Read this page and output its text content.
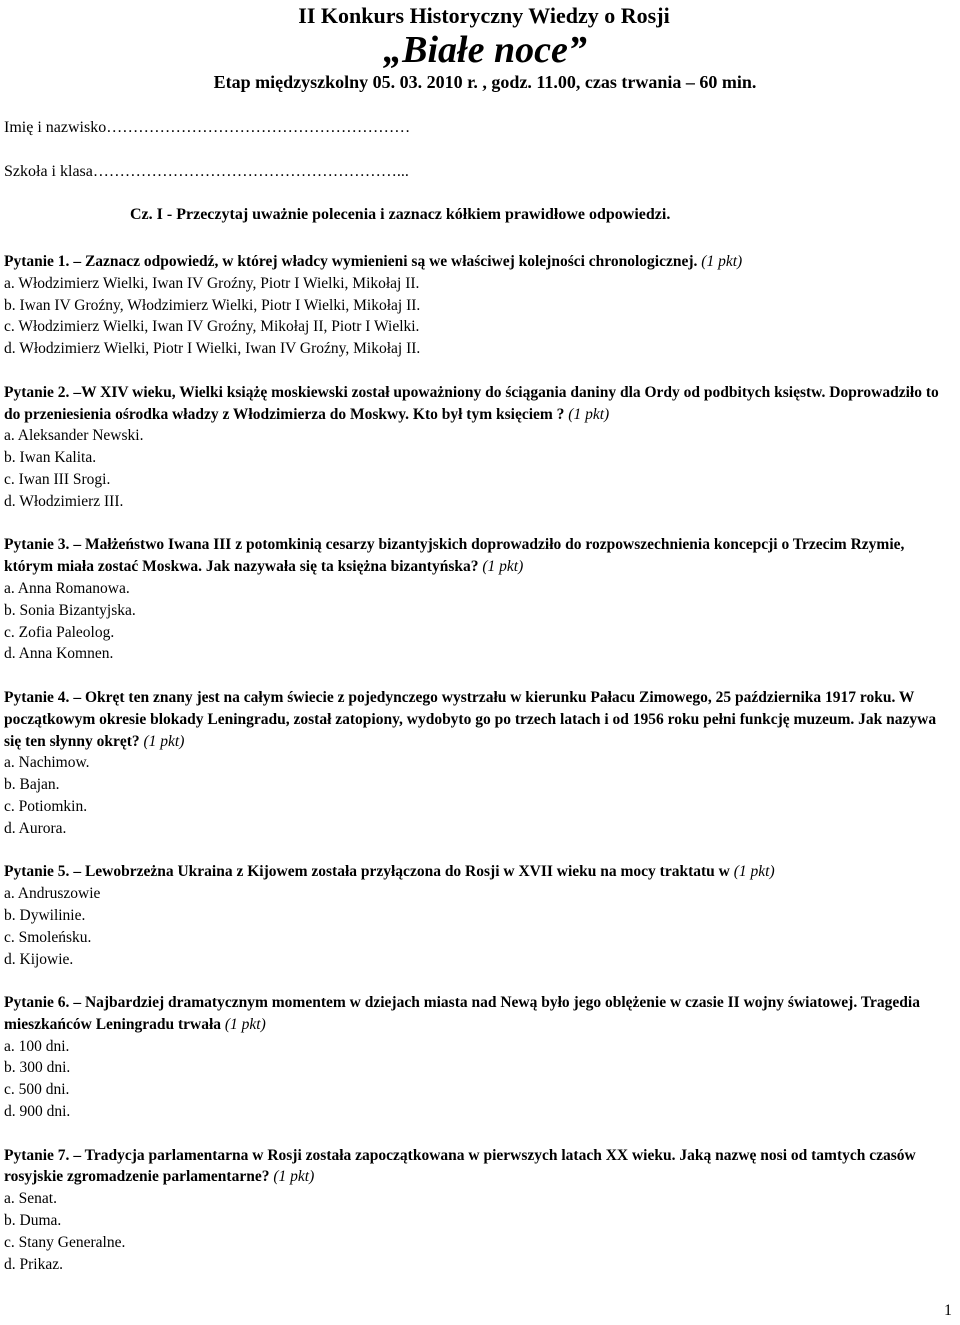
II Konkurs Historyczny Wiedzy o Rosji
„Białe noce”
Etap międzyszkolny 05. 03. 2010 r. , godz. 11.00, czas trwania – 60 min.
Imię i nazwisko…………………………………………………
Szkoła i klasa…………………………………………………...
Cz. I - Przeczytaj uważnie polecenia i zaznacz kółkiem prawidłowe odpowiedzi.
Pytanie 1. – Zaznacz odpowiedź, w której władcy wymienieni są we właściwej kolejności chronologicznej. (1 pkt)
a. Włodzimierz Wielki, Iwan IV Groźny, Piotr I Wielki, Mikołaj II.
b. Iwan IV Groźny, Włodzimierz Wielki, Piotr I Wielki, Mikołaj II.
c. Włodzimierz Wielki, Iwan IV Groźny, Mikołaj II, Piotr I Wielki.
d. Włodzimierz Wielki, Piotr I Wielki, Iwan IV Groźny, Mikołaj II.
Pytanie 2. –W XIV wieku, Wielki książę moskiewski został upoważniony do ściągania daniny dla Ordy od podbitych księstw. Doprowadziło to do przeniesienia ośrodka władzy z Włodzimierza do Moskwy. Kto był tym księciem ? (1 pkt)
a. Aleksander Newski.
b. Iwan Kalita.
c. Iwan III Srogi.
d. Włodzimierz III.
Pytanie 3. – Małżeństwo Iwana III z potomkinią cesarzy bizantyjskich doprowadziło do rozpowszechnienia koncepcji o Trzecim Rzymie, którym miała zostać Moskwa. Jak nazywała się ta księżna bizantyńska? (1 pkt)
a. Anna Romanowa.
b. Sonia Bizantyjska.
c. Zofia Paleolog.
d. Anna Komnen.
Pytanie 4. – Okręt ten znany jest na całym świecie z pojedynczego wystrzału w kierunku Pałacu Zimowego, 25 października 1917 roku. W początkowym okresie blokady Leningradu, został zatopiony, wydobyto go po trzech latach i od 1956 roku pełni funkcję muzeum. Jak nazywa się ten słynny okręt? (1 pkt)
a. Nachimow.
b. Bajan.
c. Potiomkin.
d. Aurora.
Pytanie 5. – Lewobrzeżna Ukraina z Kijowem została przyłączona do Rosji w XVII wieku na mocy traktatu w (1 pkt)
a. Andruszowie
b. Dywilinie.
c. Smoleńsku.
d. Kijowie.
Pytanie 6. – Najbardziej dramatycznym momentem w dziejach miasta nad Newą było jego oblężenie w czasie II wojny światowej. Tragedia mieszkańców Leningradu trwała (1 pkt)
a. 100 dni.
b. 300 dni.
c. 500 dni.
d. 900 dni.
Pytanie 7. – Tradycja parlamentarna w Rosji została zapoczątkowana w pierwszych latach XX wieku. Jaką nazwę nosi od tamtych czasów rosyjskie zgromadzenie parlamentarne? (1 pkt)
a. Senat.
b. Duma.
c. Stany Generalne.
d. Prikaz.
1
